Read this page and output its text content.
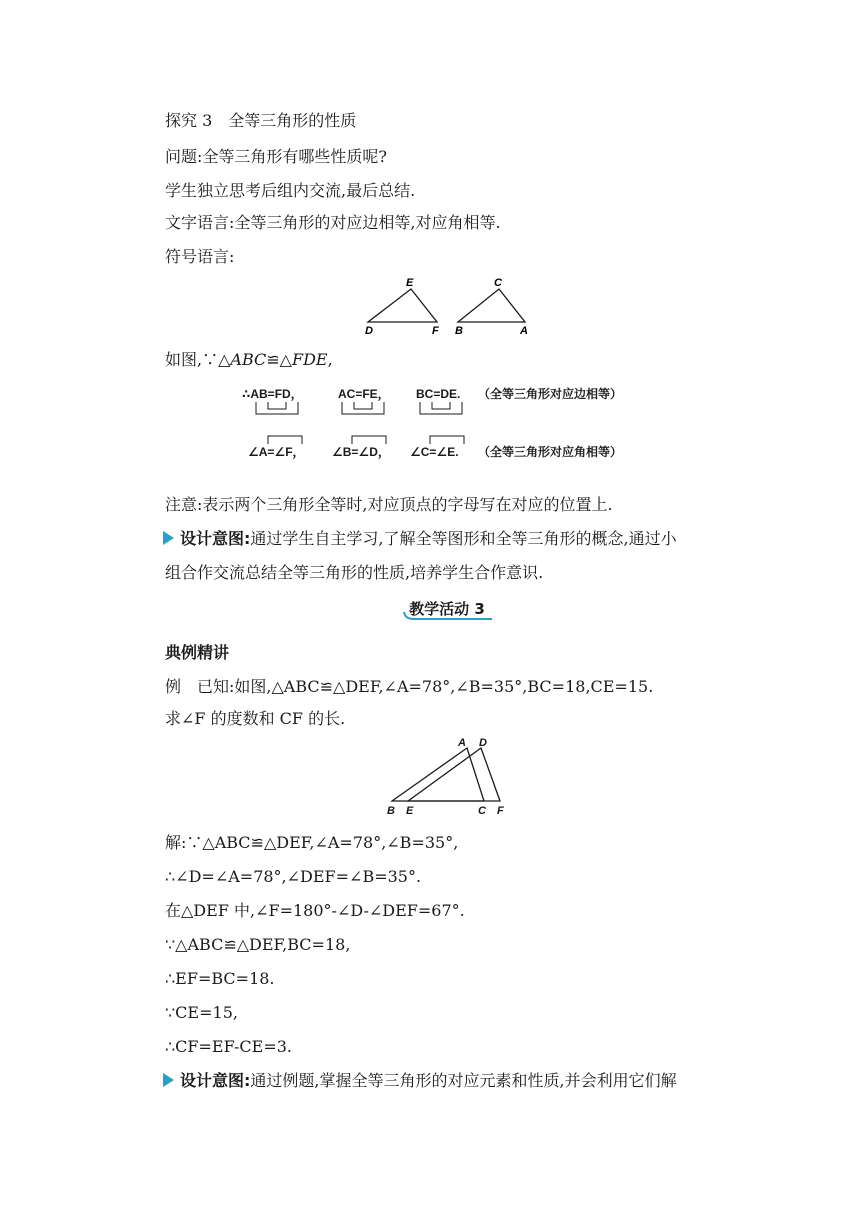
探究 3　全等三角形的性质
问题:全等三角形有哪些性质呢?
学生独立思考后组内交流,最后总结.
文字语言:全等三角形的对应边相等,对应角相等.
符号语言:
E
D	F
C
B	A
如图,∵△ABC≌△FDE,
∴AB=FD，	AC=FE， BC=DE. （全等三角形对应边相等）
∠A=∠F， ∠B=∠D， ∠C=∠E. （全等三角形对应角相等）
注意:表示两个三角形全等时,对应顶点的字母写在对应的位置上.
设计意图:通过学生自主学习,了解全等图形和全等三角形的概念,通过小
组合作交流总结全等三角形的性质,培养学生合作意识.
教学活动 3
典例精讲
例　已知:如图,△ABC≌△DEF,∠A=78°,∠B=35°,BC=18,CE=15.
求∠F 的度数和 CF 的长.
A D
B E	C F
解:∵△ABC≌△DEF,∠A=78°,∠B=35°,
∴∠D=∠A=78°,∠DEF=∠B=35°.
在△DEF 中,∠F=180°-∠D-∠DEF=67°.
∵△ABC≌△DEF,BC=18,
∴EF=BC=18.
∵CE=15,
∴CF=EF-CE=3.
设计意图:通过例题,掌握全等三角形的对应元素和性质,并会利用它们解
